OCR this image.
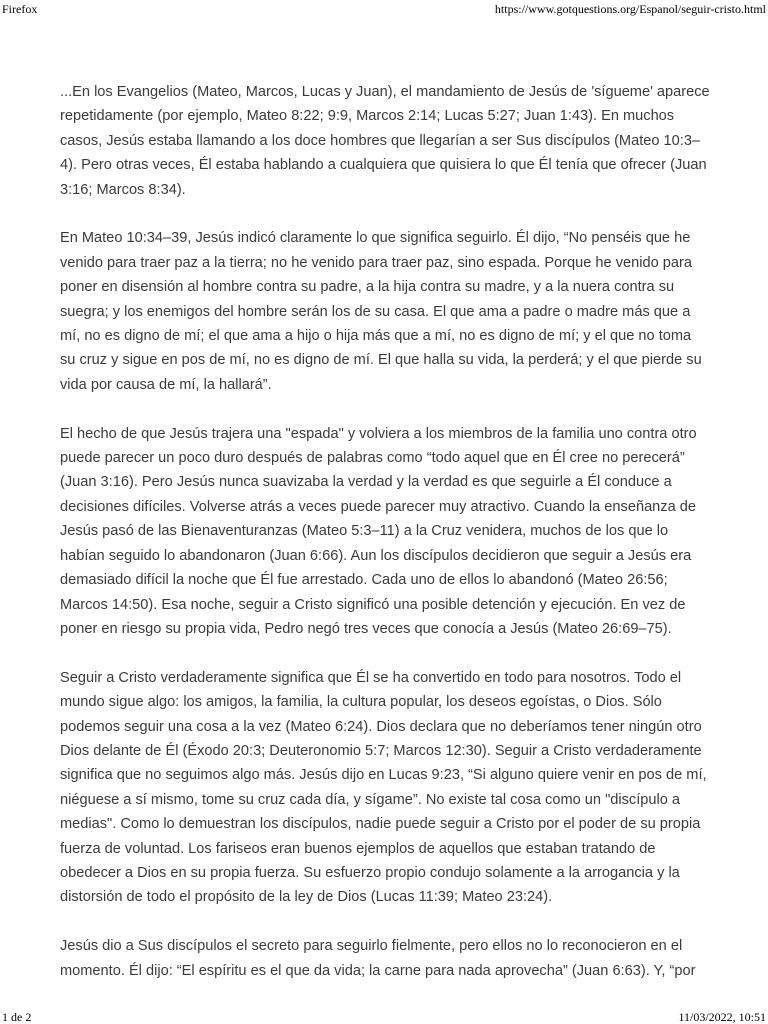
Firefox	https://www.gotquestions.org/Espanol/seguir-cristo.html

...En los Evangelios (Mateo, Marcos, Lucas y Juan), el mandamiento de Jesús de 'sígueme' aparece repetidamente (por ejemplo, Mateo 8:22; 9:9, Marcos 2:14; Lucas 5:27; Juan 1:43). En muchos casos, Jesús estaba llamando a los doce hombres que llegarían a ser Sus discípulos (Mateo 10:3–4). Pero otras veces, Él estaba hablando a cualquiera que quisiera lo que Él tenía que ofrecer (Juan 3:16; Marcos 8:34).

En Mateo 10:34–39, Jesús indicó claramente lo que significa seguirlo. Él dijo, “No penséis que he venido para traer paz a la tierra; no he venido para traer paz, sino espada. Porque he venido para poner en disensión al hombre contra su padre, a la hija contra su madre, y a la nuera contra su suegra; y los enemigos del hombre serán los de su casa. El que ama a padre o madre más que a mí, no es digno de mí; el que ama a hijo o hija más que a mí, no es digno de mí; y el que no toma su cruz y sigue en pos de mí, no es digno de mí. El que halla su vida, la perderá; y el que pierde su vida por causa de mí, la hallará”.

El hecho de que Jesús trajera una "espada" y volviera a los miembros de la familia uno contra otro puede parecer un poco duro después de palabras como “todo aquel que en Él cree no perecerá” (Juan 3:16). Pero Jesús nunca suavizaba la verdad y la verdad es que seguirle a Él conduce a decisiones difíciles. Volverse atrás a veces puede parecer muy atractivo. Cuando la enseñanza de Jesús pasó de las Bienaventuranzas (Mateo 5:3–11) a la Cruz venidera, muchos de los que lo habían seguido lo abandonaron (Juan 6:66). Aun los discípulos decidieron que seguir a Jesús era demasiado difícil la noche que Él fue arrestado. Cada uno de ellos lo abandonó (Mateo 26:56; Marcos 14:50). Esa noche, seguir a Cristo significó una posible detención y ejecución. En vez de poner en riesgo su propia vida, Pedro negó tres veces que conocía a Jesús (Mateo 26:69–75).

Seguir a Cristo verdaderamente significa que Él se ha convertido en todo para nosotros. Todo el mundo sigue algo: los amigos, la familia, la cultura popular, los deseos egoístas, o Dios. Sólo podemos seguir una cosa a la vez (Mateo 6:24). Dios declara que no deberíamos tener ningún otro Dios delante de Él (Éxodo 20:3; Deuteronomio 5:7; Marcos 12:30). Seguir a Cristo verdaderamente significa que no seguimos algo más. Jesús dijo en Lucas 9:23, “Si alguno quiere venir en pos de mí, niéguese a sí mismo, tome su cruz cada día, y sígame”. No existe tal cosa como un "discípulo a medias". Como lo demuestran los discípulos, nadie puede seguir a Cristo por el poder de su propia fuerza de voluntad. Los fariseos eran buenos ejemplos de aquellos que estaban tratando de obedecer a Dios en su propia fuerza. Su esfuerzo propio condujo solamente a la arrogancia y la distorsión de todo el propósito de la ley de Dios (Lucas 11:39; Mateo 23:24).

Jesús dio a Sus discípulos el secreto para seguirlo fielmente, pero ellos no lo reconocieron en el momento. Él dijo: “El espíritu es el que da vida; la carne para nada aprovecha” (Juan 6:63). Y, “por

1 de 2	11/03/2022, 10:51
